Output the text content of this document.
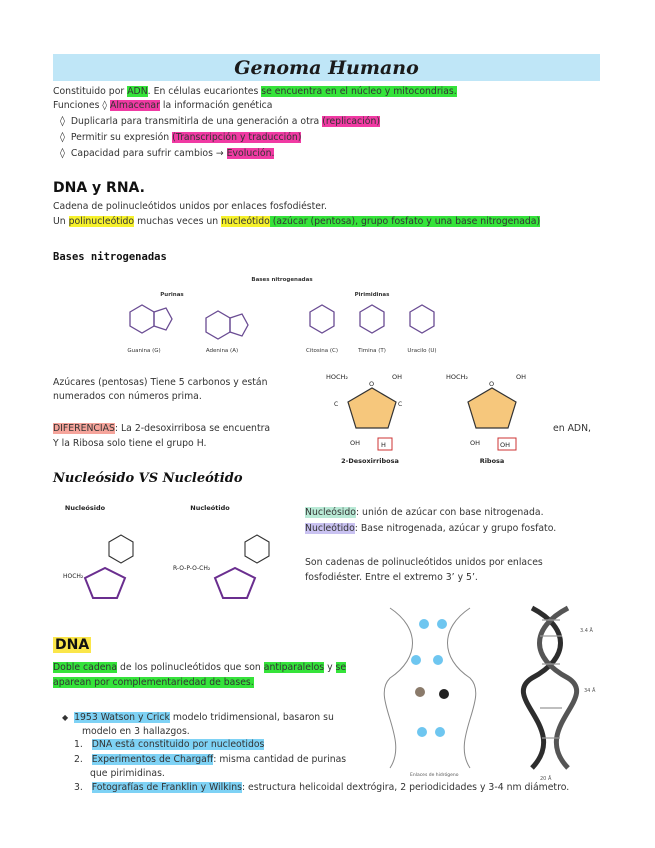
Genoma Humano
Constituido por ADN. En células eucariontes se encuentra en el núcleo y mitocondrias.
Funciones ◊ Almacenar la información genética
◊ Duplicarla para transmitirla de una generación a otra (replicación)
◊ Permitir su expresión (Transcripción y traducción)
◊ Capacidad para sufrir cambios → Evolución.
DNA y RNA.
Cadena de polinucleótidos unidos por enlaces fosfodiéster.
Un polinucleótido muchas veces un nucleótido (azúcar (pentosa), grupo fosfato y una base nitrogenada)
Bases nitrogenadas
Bases nitrogenadas
Purinas	Pirimidinas
Guanina (G)	Adenina (A)	Citosina (C)	Timina (T)	Uracilo (U)
Azúcares (pentosas) Tiene 5 carbonos y están
numerados con números prima.
DIFERENCIAS: La 2-desoxirribosa se encuentra
Y la Ribosa solo tiene el grupo H.
en ADN,
HOCH₂	OH
O
C	C
OH	H
2-Desoxirribosa
HOCH₂	OH
O
OH	OH
Ribosa
Nucleósido VS Nucleótido
Nucleósido	Nucleótido
HOCH₂
R-O-P-O-CH₂
Nucleósido: unión de azúcar con base nitrogenada.
Nucleótido: Base nitrogenada, azúcar y grupo fosfato.
Son cadenas de polinucleótidos unidos por enlaces
fosfodiéster. Entre el extremo 3’ y 5’.
3.4 Å
34 Å
20 Å
Enlaces de hidrógeno
DNA
Doble cadena de los polinucleótidos que son antiparalelos y se
aparean por complementariedad de bases.
◆ 1953 Watson y Crick modelo tridimensional, basaron su
modelo en 3 hallazgos.
1. DNA está constituido por nucleotidos
2. Experimentos de Chargaff: misma cantidad de purinas
que pirimidinas.
3. Fotografías de Franklin y Wilkins: estructura helicoidal dextrógira, 2 periodicidades y 3-4 nm diámetro.
